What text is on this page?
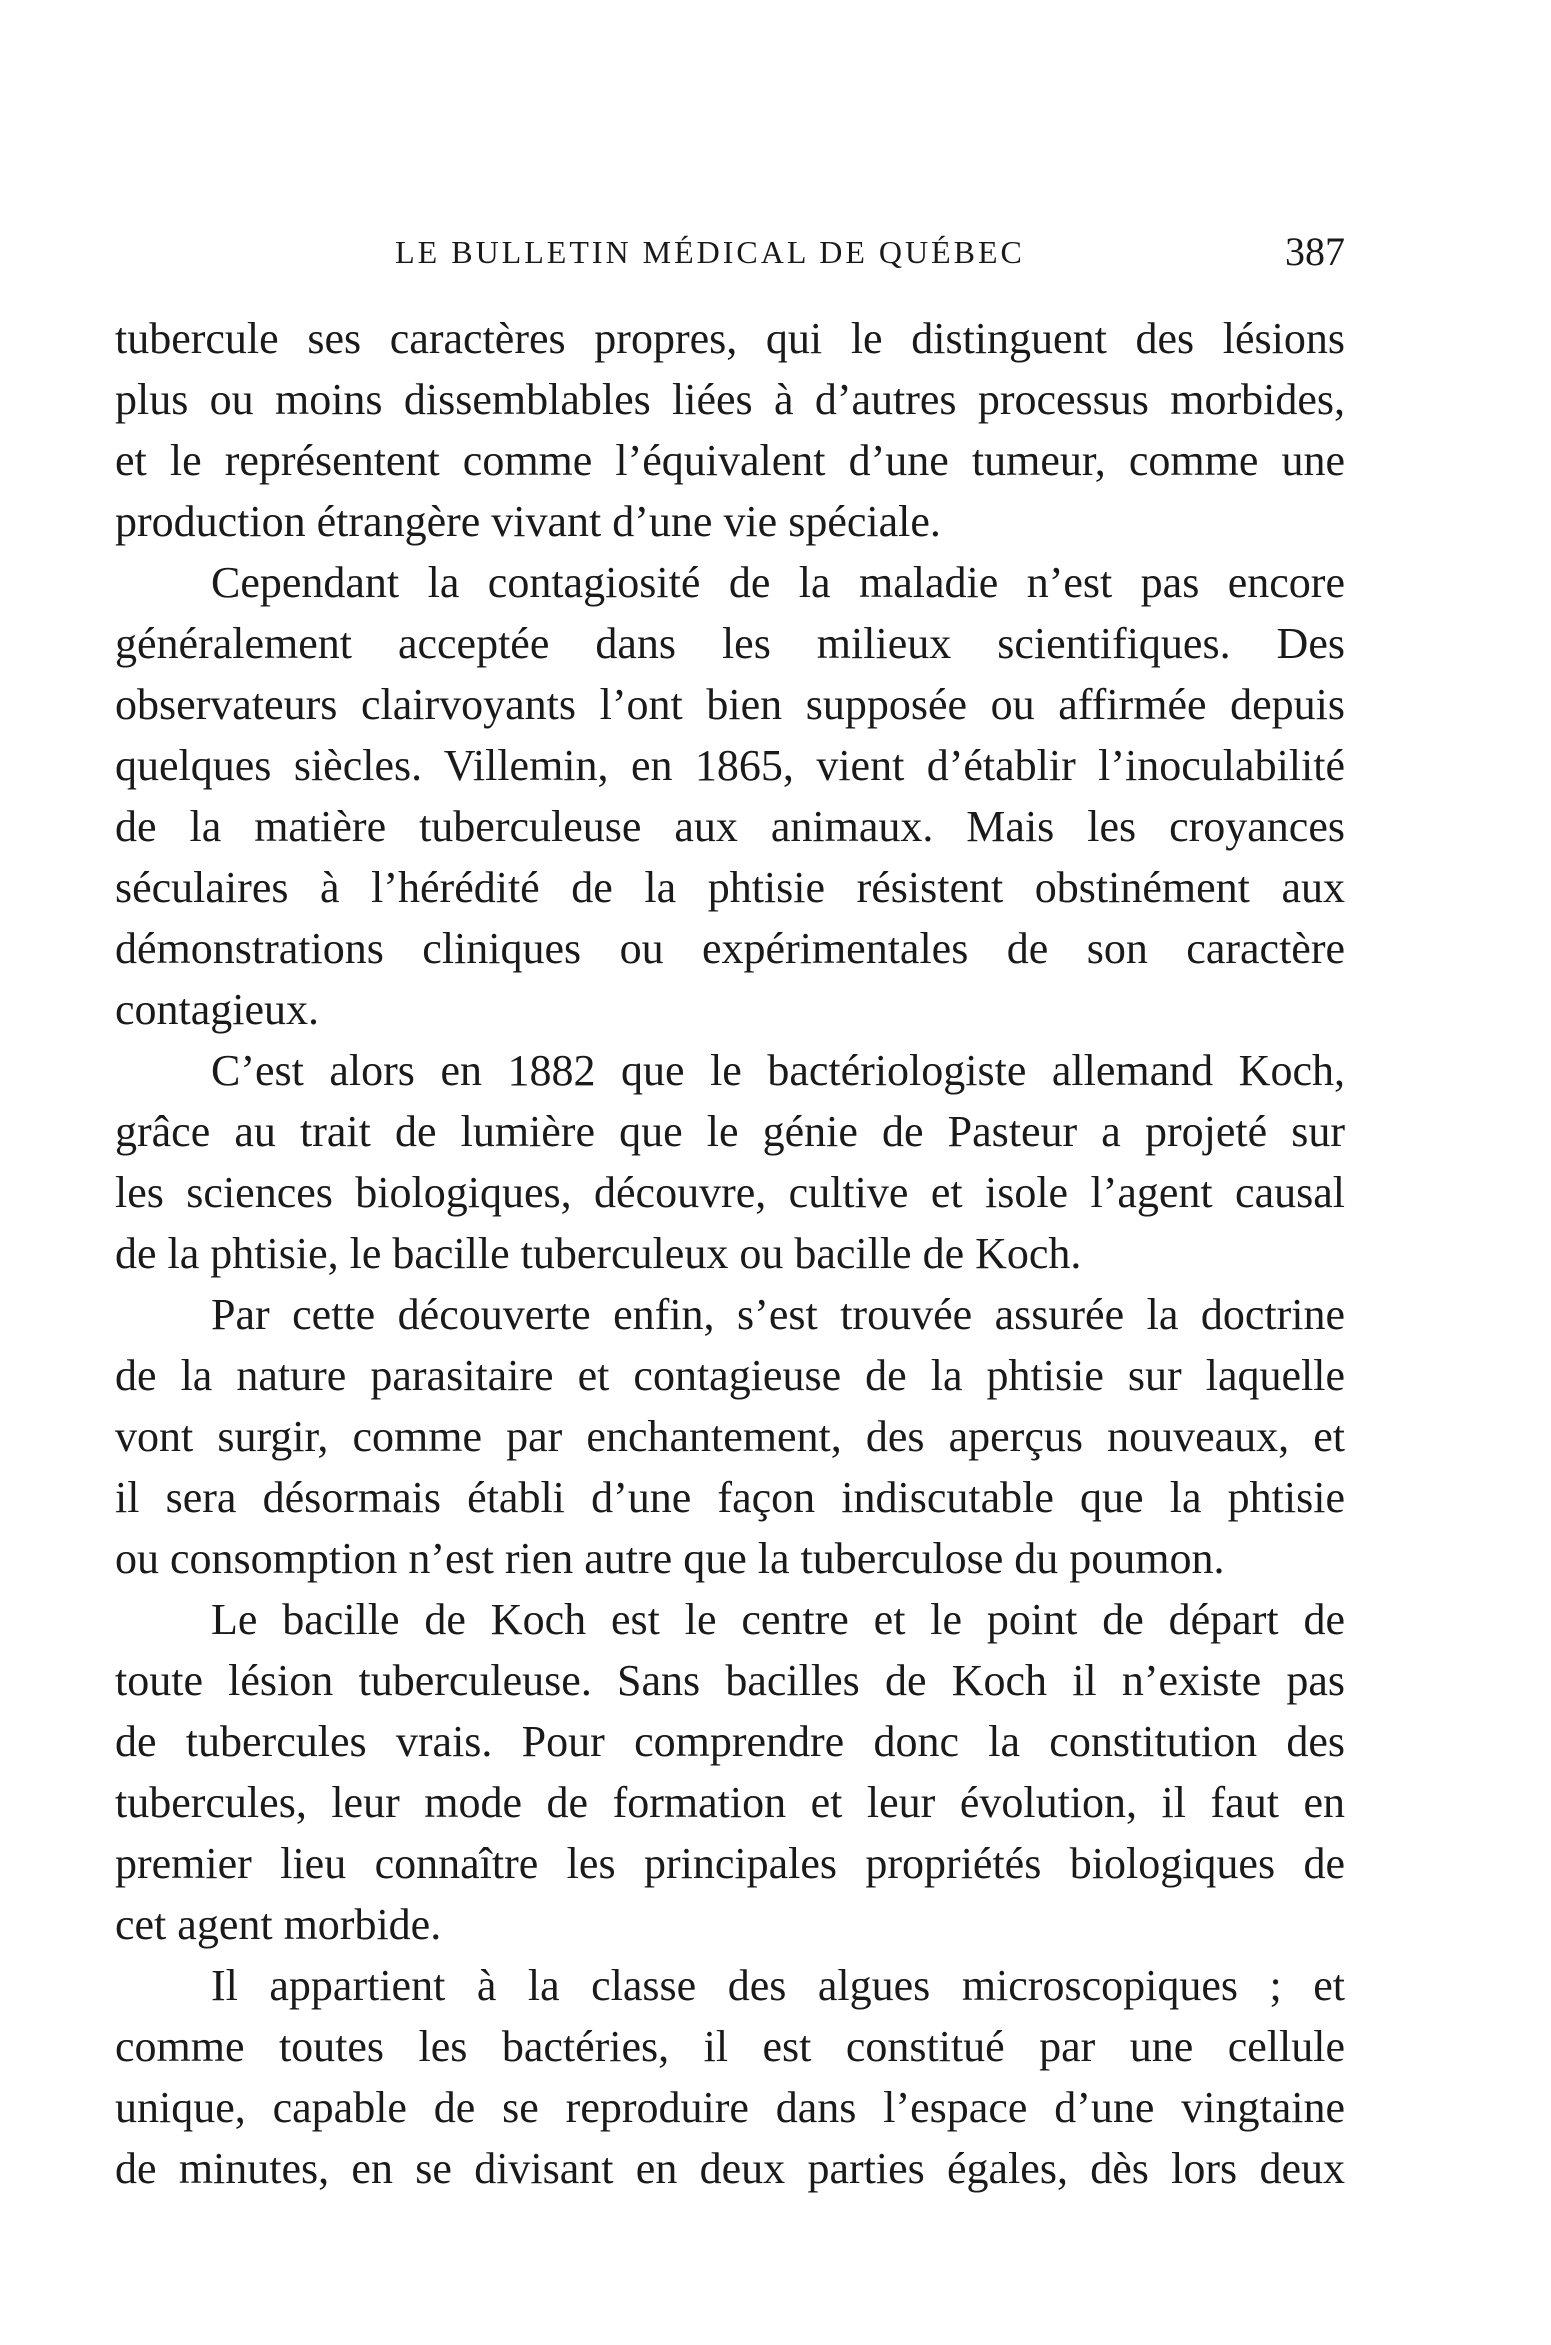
LE BULLETIN MÉDICAL DE QUÉBEC	387
tubercule ses caractères propres, qui le distinguent des lésions
plus ou moins dissemblables liées à d’autres processus morbides,
et le représentent comme l’équivalent d’une tumeur, comme une
production étrangère vivant d’une vie spéciale.
Cependant la contagiosité de la maladie n’est pas encore
généralement acceptée dans les milieux scientifiques. Des
observateurs clairvoyants l’ont bien supposée ou affirmée depuis
quelques siècles. Villemin, en 1865, vient d’établir l’inoculabilité
de la matière tuberculeuse aux animaux. Mais les croyances
séculaires à l’hérédité de la phtisie résistent obstinément aux
démonstrations cliniques ou expérimentales de son caractère
contagieux.
C’est alors en 1882 que le bactériologiste allemand Koch,
grâce au trait de lumière que le génie de Pasteur a projeté sur
les sciences biologiques, découvre, cultive et isole l’agent causal
de la phtisie, le bacille tuberculeux ou bacille de Koch.
Par cette découverte enfin, s’est trouvée assurée la doctrine
de la nature parasitaire et contagieuse de la phtisie sur laquelle
vont surgir, comme par enchantement, des aperçus nouveaux, et
il sera désormais établi d’une façon indiscutable que la phtisie
ou consomption n’est rien autre que la tuberculose du poumon.
Le bacille de Koch est le centre et le point de départ de
toute lésion tuberculeuse. Sans bacilles de Koch il n’existe pas
de tubercules vrais. Pour comprendre donc la constitution des
tubercules, leur mode de formation et leur évolution, il faut en
premier lieu connaître les principales propriétés biologiques de
cet agent morbide.
Il appartient à la classe des algues microscopiques ; et
comme toutes les bactéries, il est constitué par une cellule
unique, capable de se reproduire dans l’espace d’une vingtaine
de minutes, en se divisant en deux parties égales, dès lors deux
